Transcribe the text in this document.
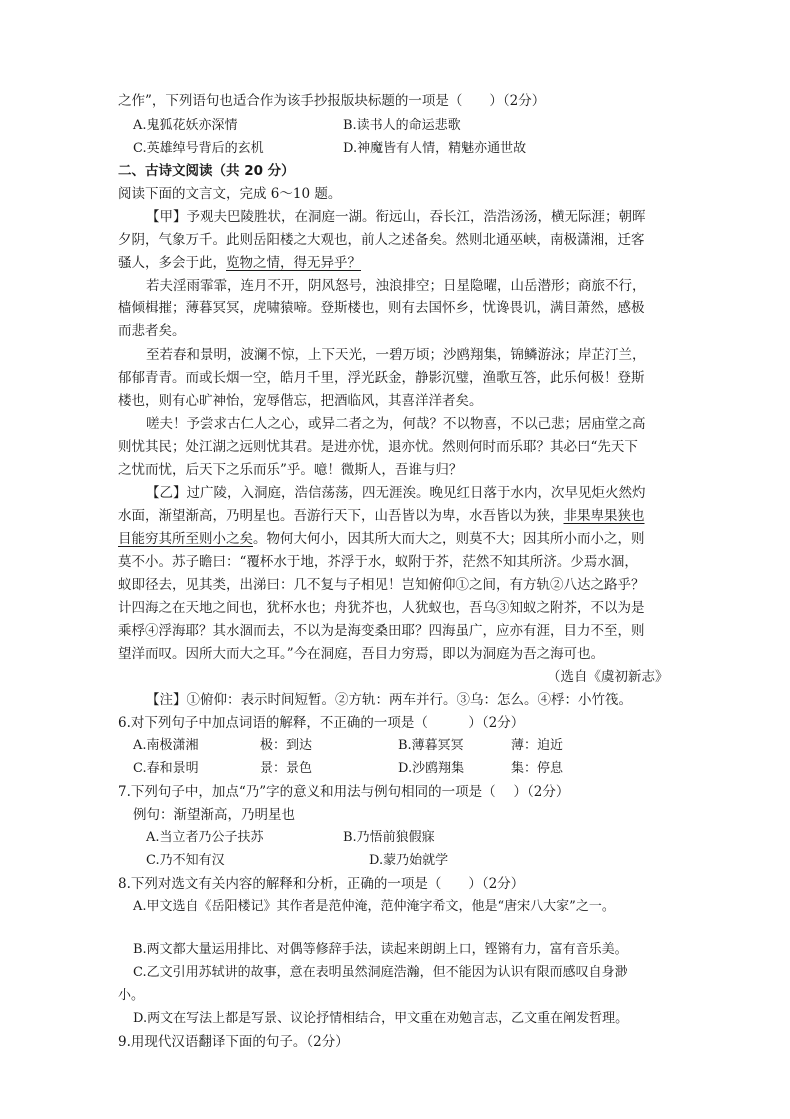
之作”，下列语句也适合作为该手抄报版块标题的一项是（　　）（2分）
A.鬼狐花妖亦深情	B.读书人的命运悲歌
C.英雄绰号背后的玄机	D.神魔皆有人情，精魅亦通世故
二、古诗文阅读（共 20 分）
阅读下面的文言文，完成 6～10 题。
【甲】予观夫巴陵胜状，在洞庭一湖。衔远山，吞长江，浩浩汤汤，横无际涯；朝晖
夕阴，气象万千。此则岳阳楼之大观也，前人之述备矣。然则北通巫峡，南极潇湘，迁客
骚人，多会于此，览物之情，得无异乎？
若夫淫雨霏霏，连月不开，阴风怒号，浊浪排空；日星隐曜，山岳潜形；商旅不行，
樯倾楫摧；薄暮冥冥，虎啸猿啼。登斯楼也，则有去国怀乡，忧谗畏讥，满目萧然，感极
而悲者矣。
至若春和景明，波澜不惊，上下天光，一碧万顷；沙鸥翔集，锦鳞游泳；岸芷汀兰，
郁郁青青。而或长烟一空，皓月千里，浮光跃金，静影沉璧，渔歌互答，此乐何极！登斯
楼也，则有心旷神怡，宠辱偕忘，把酒临风，其喜洋洋者矣。
嗟夫！予尝求古仁人之心，或异二者之为，何哉？不以物喜，不以己悲；居庙堂之高
则忧其民；处江湖之远则忧其君。是进亦忧，退亦忧。然则何时而乐耶？其必曰“先天下
之忧而忧，后天下之乐而乐”乎。噫！微斯人，吾谁与归？
【乙】过广陵，入洞庭，浩信荡荡，四无涯涘。晚见红日落于水内，次早见炬火然灼
水面，渐望渐高，乃明星也。吾游行天下，山吾皆以为卑，水吾皆以为狭，非果卑果狭也
目能穷其所至则小之矣。物何大何小，因其所大而大之，则莫不大；因其所小而小之，则
莫不小。苏子瞻曰：“覆杯水于地，芥浮于水，蚁附于芥，茫然不知其所济。少焉水涸，
蚁即径去，见其类，出涕曰：几不复与子相见！岂知俯仰①之间，有方轨②八达之路乎？
计四海之在天地之间也，犹杯水也；舟犹芥也，人犹蚁也，吾乌③知蚁之附芥，不以为是
乘桴④浮海耶？其水涸而去，不以为是海变桑田耶？四海虽广，应亦有涯，目力不至，则
望洋而叹。因所大而大之耳。”今在洞庭，吾目力穷焉，即以为洞庭为吾之海可也。
（选自《虞初新志》
【注】①俯仰：表示时间短暂。②方轨：两车并行。③乌：怎么。④桴：小竹筏。
6.对下列句子中加点词语的解释，不正确的一项是（　　　）（2分）
A.南极潇湘	极：到达	B.薄暮冥冥	薄：迫近
C.春和景明	景：景色	D.沙鸥翔集	集：停息
7.下列句子中，加点“乃”字的意义和用法与例句相同的一项是（　 ）（2分）
例句：渐望渐高，乃明星也
A.当立者乃公子扶苏	B.乃悟前狼假寐
C.乃不知有汉	D.蒙乃始就学
8.下列对选文有关内容的解释和分析，正确的一项是（　　）（2分）
A.甲文选自《岳阳楼记》其作者是范仲淹，范仲淹字希文，他是“唐宋八大家”之一。
B.两文都大量运用排比、对偶等修辞手法，读起来朗朗上口，铿锵有力，富有音乐美。
C.乙文引用苏轼讲的故事，意在表明虽然洞庭浩瀚，但不能因为认识有限而感叹自身渺
小。
D.两文在写法上都是写景、议论抒情相结合，甲文重在劝勉言志，乙文重在阐发哲理。
9.用现代汉语翻译下面的句子。（2分）
